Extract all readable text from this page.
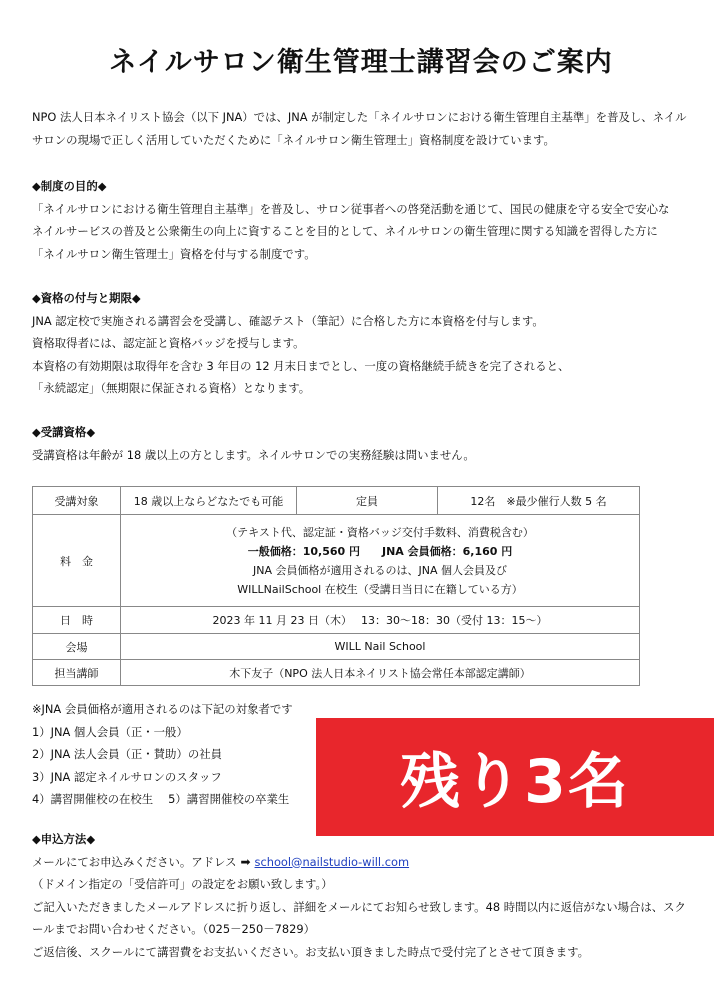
ネイルサロン衛生管理士講習会のご案内
NPO 法人日本ネイリスト協会（以下 JNA）では、JNA が制定した「ネイルサロンにおける衛生管理自主基準」を普及し、ネイル
サロンの現場で正しく活用していただくために「ネイルサロン衛生管理士」資格制度を設けています。
◆制度の目的◆
「ネイルサロンにおける衛生管理自主基準」を普及し、サロン従事者への啓発活動を通じて、国民の健康を守る安全で安心な
ネイルサービスの普及と公衆衛生の向上に資することを目的として、ネイルサロンの衛生管理に関する知識を習得した方に
「ネイルサロン衛生管理士」資格を付与する制度です。
◆資格の付与と期限◆
JNA 認定校で実施される講習会を受講し、確認テスト（筆記）に合格した方に本資格を付与します。
資格取得者には、認定証と資格バッジを授与します。
本資格の有効期限は取得年を含む 3 年目の 12 月末日までとし、一度の資格継続手続きを完了されると、
「永続認定」（無期限に保証される資格）となります。
◆受講資格◆
受講資格は年齢が 18 歳以上の方とします。ネイルサロンでの実務経験は問いません。
受講対象	18 歳以上ならどなたでも可能	定員	12名　※最少催行人数 5 名
料　金	（テキスト代、認定証・資格バッジ交付手数料、消費税含む）
一般価格：10,560 円　　JNA 会員価格：6,160 円
JNA 会員価格が適用されるのは、JNA 個人会員及び
WILLNailSchool 在校生（受講日当日に在籍している方）		

日　時	2023 年 11 月 23 日（木）　 13：30～18：30（受付 13：15～）		
会場	WILL Nail School		
担当講師	木下友子（NPO 法人日本ネイリスト協会常任本部認定講師）		
※JNA 会員価格が適用されるのは下記の対象者です
1）JNA 個人会員（正・一般）
2）JNA 法人会員（正・賛助）の社員
3）JNA 認定ネイルサロンのスタッフ
4）講習開催校の在校生　 5）講習開催校の卒業生 残り3名
◆申込方法◆
メールにてお申込みください。アドレス ➡ school@nailstudio-will.com
（ドメイン指定の「受信許可」の設定をお願い致します。）
ご記入いただきましたメールアドレスに折り返し、詳細をメールにてお知らせ致します。48 時間以内に返信がない場合は、スク
ールまでお問い合わせください。（025－250－7829）
ご返信後、スクールにて講習費をお支払いください。お支払い頂きました時点で受付完了とさせて頂きます。
